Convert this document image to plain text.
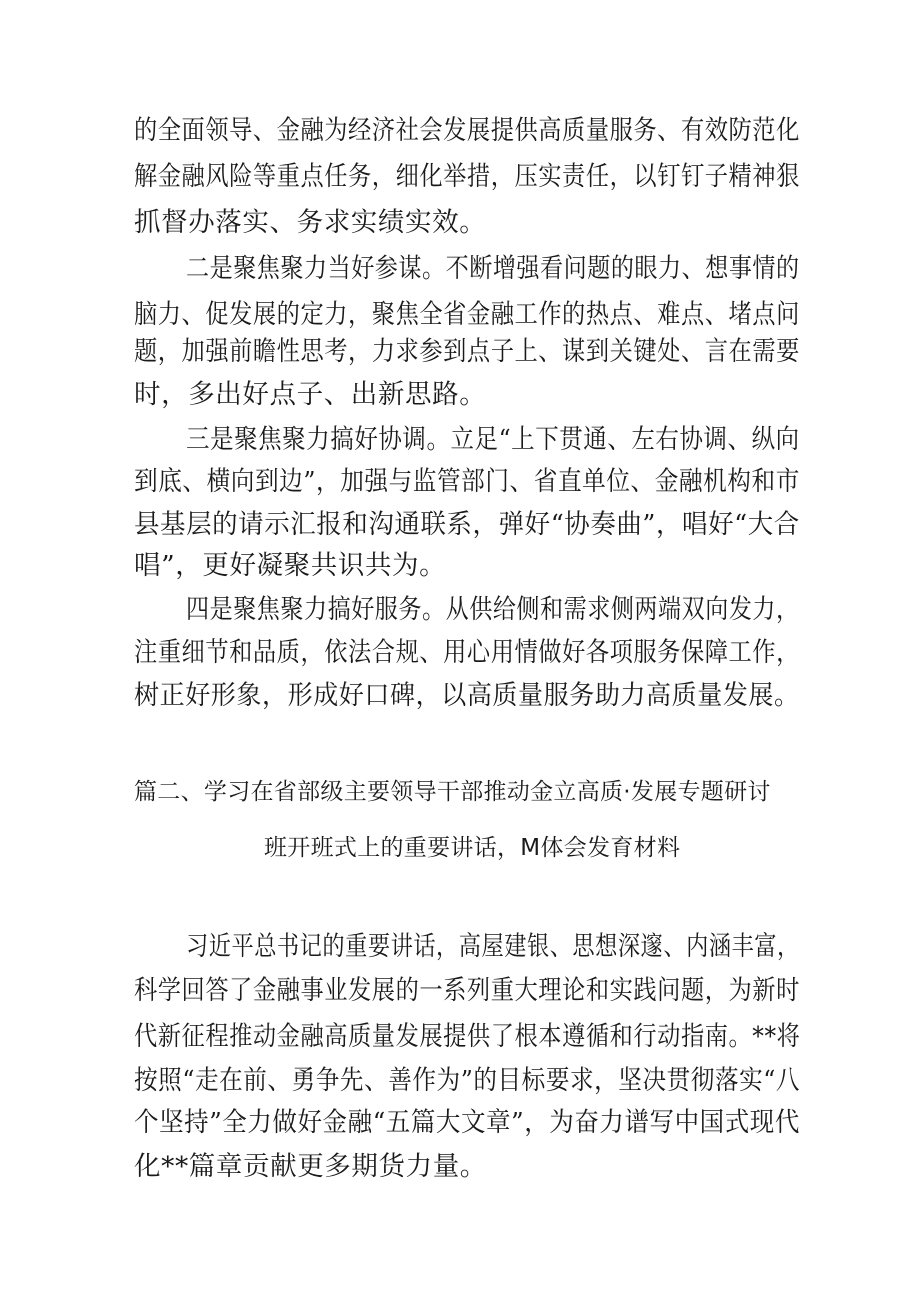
的全面领导、金融为经济社会发展提供高质量服务、有效防范化
解金融风险等重点任务，细化举措，压实责任，以钉钉子精神狠
抓督办落实、务求实绩实效。
二是聚焦聚力当好参谋。不断增强看问题的眼力、想事情的
脑力、促发展的定力，聚焦全省金融工作的热点、难点、堵点问
题，加强前瞻性思考，力求参到点子上、谋到关键处、言在需要
时，多出好点子、出新思路。
三是聚焦聚力搞好协调。立足“上下贯通、左右协调、纵向
到底、横向到边”，加强与监管部门、省直单位、金融机构和市
县基层的请示汇报和沟通联系，弹好“协奏曲”，唱好“大合
唱”，更好凝聚共识共为。
四是聚焦聚力搞好服务。从供给侧和需求侧两端双向发力，
注重细节和品质，依法合规、用心用情做好各项服务保障工作，
树正好形象，形成好口碑，以高质量服务助力高质量发展。
篇二、学习在省部级主要领导干部推动金立高质·发展专题研讨
班开班式上的重要讲话，M体会发育材料
习近平总书记的重要讲话，高屋建银、思想深邃、内涵丰富，
科学回答了金融事业发展的一系列重大理论和实践问题，为新时
代新征程推动金融高质量发展提供了根本遵循和行动指南。**将
按照“走在前、勇争先、善作为”的目标要求，坚决贯彻落实“八
个坚持”全力做好金融“五篇大文章”，为奋力谱写中国式现代
化**篇章贡献更多期货力量。
